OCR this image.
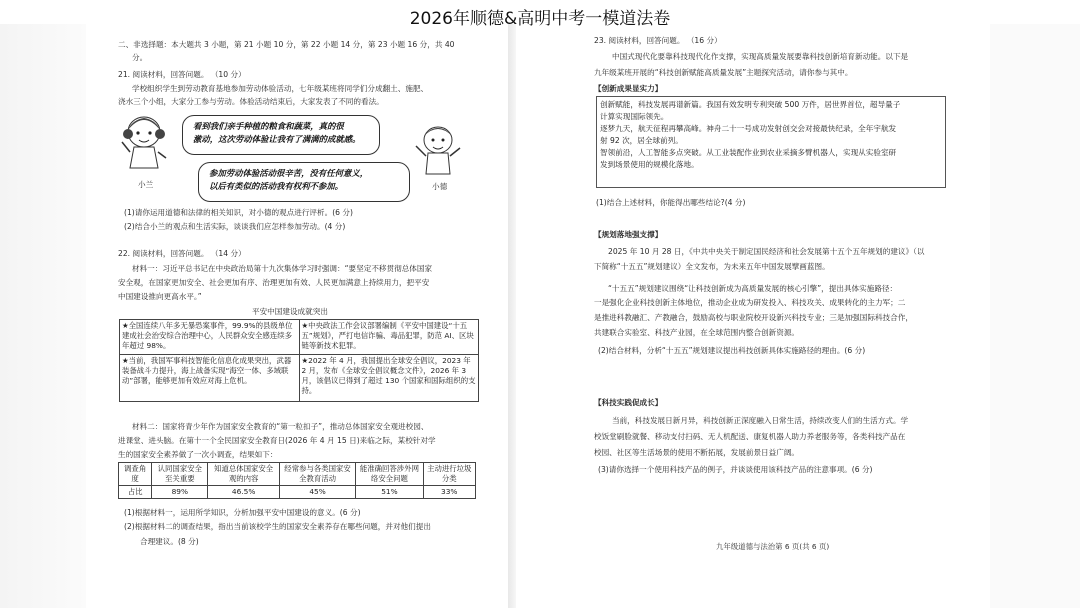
2026年顺德&高明中考一模道法卷
二、非选择题：本大题共 3 小题，第 21 小题 10 分，第 22 小题 14 分，第 23 小题 16 分，共 40
分。
21. 阅读材料，回答问题。 （10 分）
学校组织学生到劳动教育基地参加劳动体验活动，七年级某班将同学们分成翻土、施肥、
浇水三个小组，大家分工参与劳动。体验活动结束后，大家发表了不同的看法。
小兰
看到我们亲手种植的粮食和蔬菜，真的很
激动，这次劳动体验让我有了满满的成就感。
参加劳动体验活动很辛苦，没有任何意义，
以后有类似的活动我有权利不参加。	小德
(1)请你运用道德和法律的相关知识，对小德的观点进行评析。(6 分)
(2)结合小兰的观点和生活实际，谈谈我们应怎样参加劳动。(4 分)
22. 阅读材料，回答问题。 （14 分）
材料一：习近平总书记在中央政治局第十九次集体学习时强调：“要坚定不移贯彻总体国家
安全观，在国家更加安全、社会更加有序、治理更加有效、人民更加满意上持续用力，把平安
中国建设推向更高水平。”
平安中国建设成就突出
★全国连续八年多无暴恐案事件，99.9%的县级单位建成社会治安综合治理中心，人民群众安全感连续多年超过 98%。	★中央政法工作会议部署编制《平安中国建设“十五五”规划》，严打电信诈骗、毒品犯罪，防范 AI、区块链等新技术犯罪。
★当前，我国军事科技智能化信息化成果突出，武器装备战斗力提升，海上战备实现“海空一体、多域联动”部署，能够更加有效应对海上危机。	★2022 年 4 月，我国提出全球安全倡议，2023 年 2 月，发布《全球安全倡议概念文件》，2026 年 3 月，该倡议已得到了超过 130 个国家和国际组织的支持。
材料二：国家将青少年作为国家安全教育的“第一粒扣子”，推动总体国家安全观进校园、
进课堂、进头脑。在第十一个全民国家安全教育日(2026 年 4 月 15 日)来临之际，某校针对学
生的国家安全素养做了一次小调查，结果如下：
调查角度	认同国家安全至关重要	知道总体国家安全观的内容	经常参与各类国家安全教育活动	能准确回答涉外网络安全问题	主动进行垃圾分类
占比	89%	46.5%	45%	51%	33%
(1)根据材料一，运用所学知识，分析加强平安中国建设的意义。(6 分)
(2)根据材料二的调查结果，指出当前该校学生的国家安全素养存在哪些问题，并对他们提出
合理建议。(8 分)
23. 阅读材料，回答问题。 （16 分）
中国式现代化要靠科技现代化作支撑，实现高质量发展要靠科技创新培育新动能。以下是
九年级某班开展的“科技创新赋能高质量发展”主题探究活动，请你参与其中。
【创新成果显实力】
创新赋能，科技发展再谱新篇。我国有效发明专利突破 500 万件，居世界首位，超导量子
计算实现国际领先。
逐梦九天，航天征程再攀高峰。神舟二十一号成功发射创交会对接最快纪录，全年宇航发
射 92 次，居全球前列。
智领前沿，人工智能多点突破。从工业装配作业到农业采摘多臂机器人，实现从实验室研
发到场景使用的规模化落地。
(1)结合上述材料，你能得出哪些结论?(4 分)
【规划落地强支撑】
2025 年 10 月 28 日，《中共中央关于制定国民经济和社会发展第十五个五年规划的建议》（以
下简称“十五五”规划建议）全文发布，为未来五年中国发展擘画蓝图。
“十五五”规划建议围绕“让科技创新成为高质量发展的核心引擎”，提出具体实施路径：
一是强化企业科技创新主体地位，推动企业成为研发投入、科技攻关、成果转化的主力军；二
是推进科教融汇、产教融合，鼓励高校与职业院校开设新兴科技专业；三是加强国际科技合作，
共建联合实验室、科技产业园，在全球范围内整合创新资源。
(2)结合材料，分析“十五五”规划建议提出科技创新具体实施路径的理由。(6 分)
【科技实践促成长】
当前，科技发展日新月异，科技创新正深度融入日常生活，持续改变人们的生活方式。学
校饭堂刷脸就餐、移动支付扫码、无人机配送、康复机器人助力养老服务等，各类科技产品在
校园、社区等生活场景的使用不断拓展，发展前景日益广阔。
(3)请你选择一个使用科技产品的例子，并谈谈使用该科技产品的注意事项。(6 分)
九年级道德与法治第 6 页(共 6 页)
